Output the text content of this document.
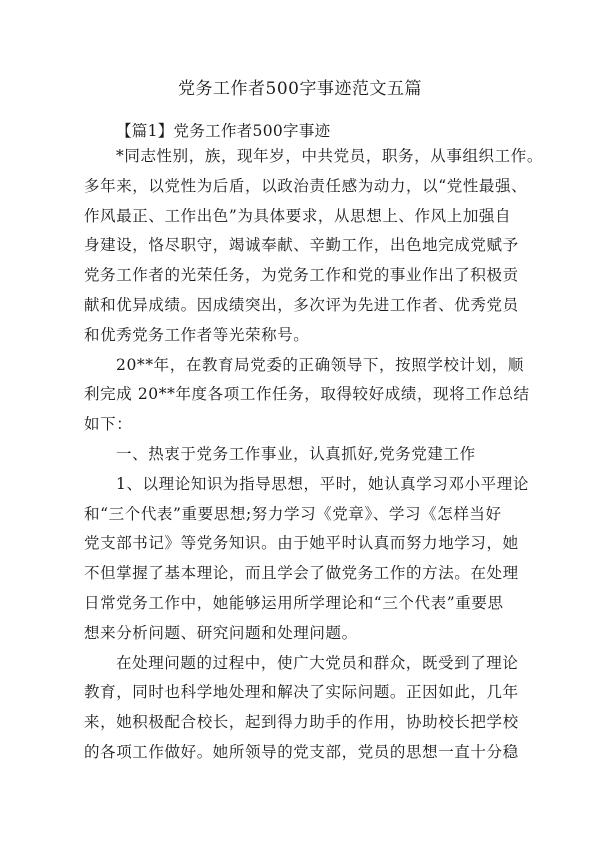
党务工作者500字事迹范文五篇
【篇1】党务工作者500字事迹
*同志性别，族，现年岁，中共党员，职务，从事组织工作。
多年来，以党性为后盾，以政治责任感为动力，以“党性最强、
作风最正、工作出色”为具体要求，从思想上、作风上加强自
身建设，恪尽职守，竭诚奉献、辛勤工作，出色地完成党赋予
党务工作者的光荣任务，为党务工作和党的事业作出了积极贡
献和优异成绩。因成绩突出，多次评为先进工作者、优秀党员
和优秀党务工作者等光荣称号。
20**年，在教育局党委的正确领导下，按照学校计划，顺
利完成 20**年度各项工作任务，取得较好成绩，现将工作总结
如下：
一、热衷于党务工作事业，认真抓好,党务党建工作
1、以理论知识为指导思想，平时，她认真学习邓小平理论
和“三个代表”重要思想;努力学习《党章》、学习《怎样当好
党支部书记》等党务知识。由于她平时认真而努力地学习，她
不但掌握了基本理论，而且学会了做党务工作的方法。在处理
日常党务工作中，她能够运用所学理论和“三个代表”重要思
想来分析问题、研究问题和处理问题。
在处理问题的过程中，使广大党员和群众，既受到了理论
教育，同时也科学地处理和解决了实际问题。正因如此，几年
来，她积极配合校长，起到得力助手的作用，协助校长把学校
的各项工作做好。她所领导的党支部，党员的思想一直十分稳
